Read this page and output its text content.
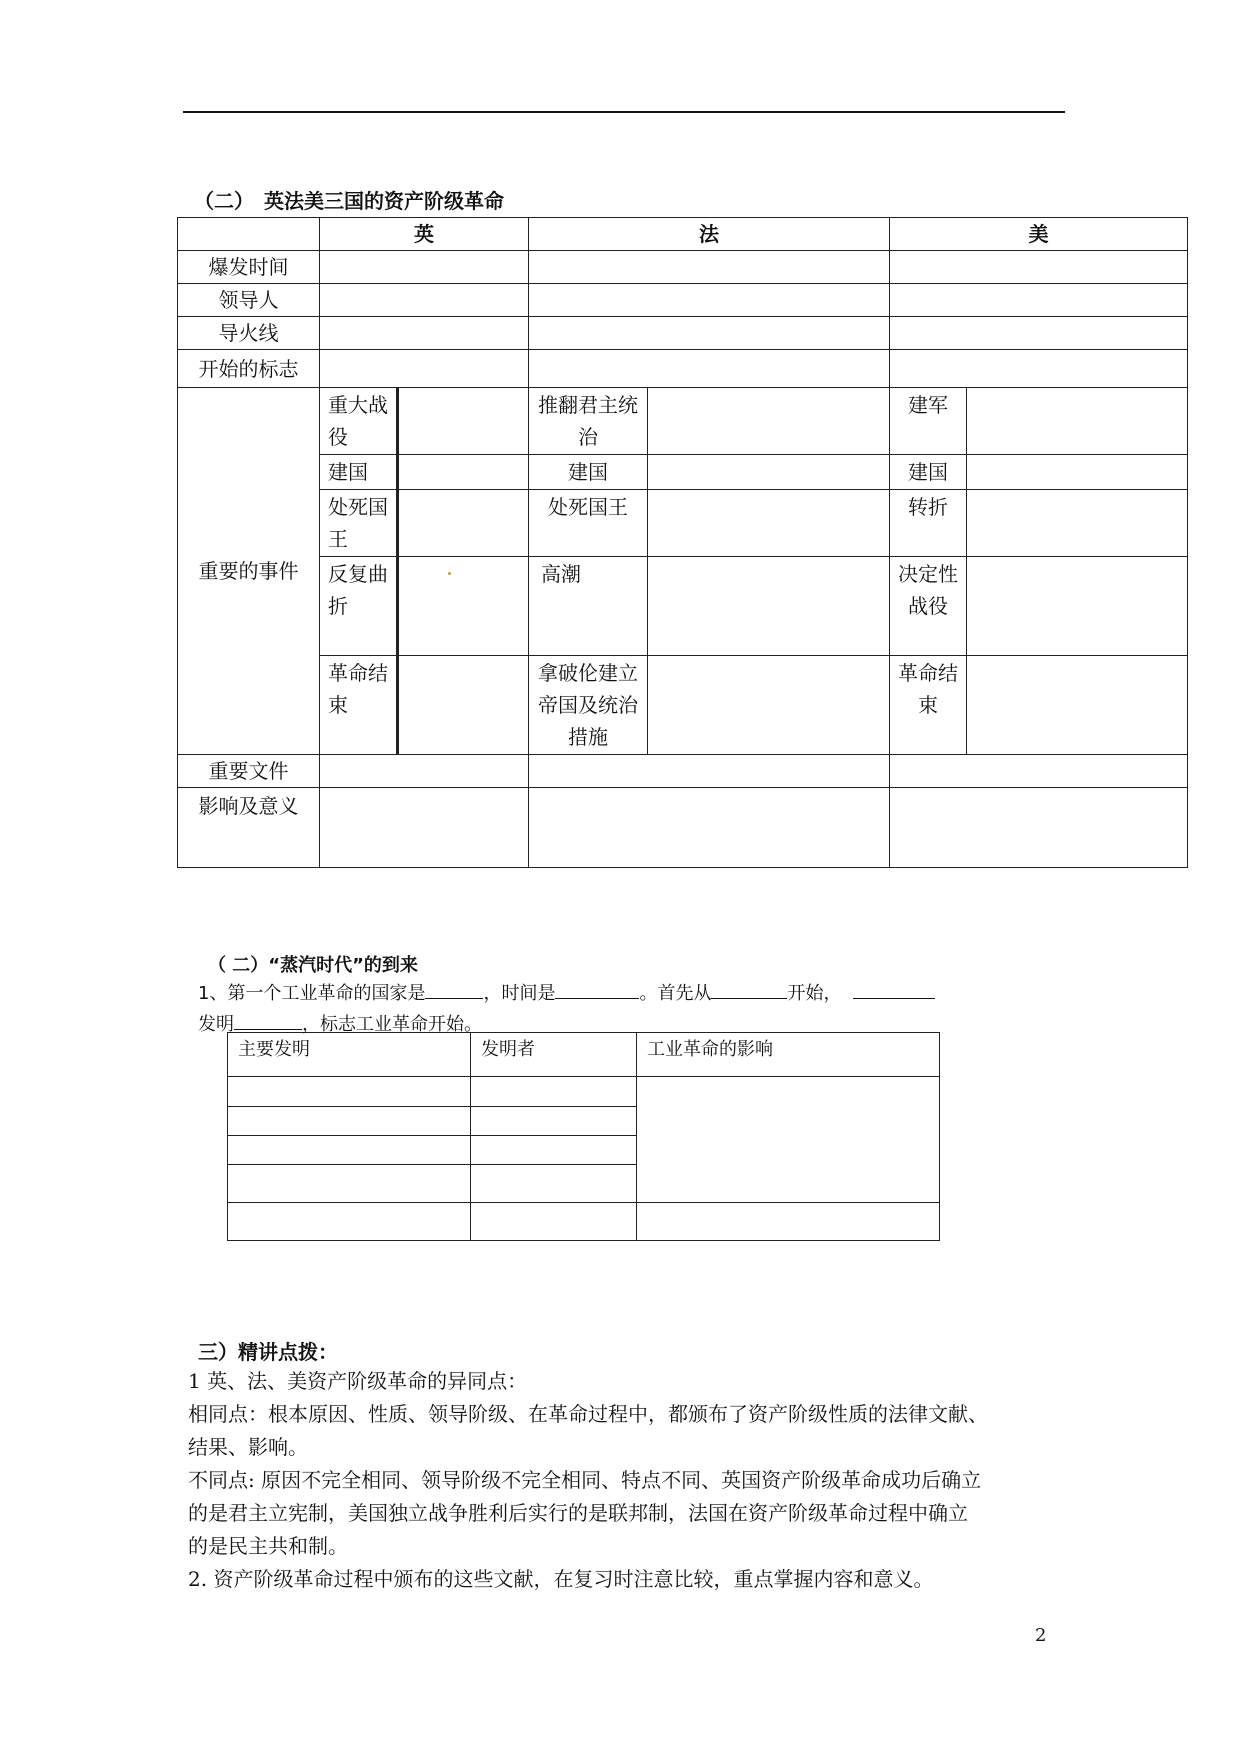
（二）　英法美三国的资产阶级革命
	英		法		美	
爆发时间						
领导人						
导火线						
开始的标志						
重要的事件	重大战役		推翻君主统治		建军	
	建国		建国		建国	
	处死国王		处死国王		转折	
	反复曲折		高潮		决定性战役	
	革命结束		拿破伦建立帝国及统治措施		革命结束	
重要文件						
影响及意义						
（ 二）“蒸汽时代”的到来
1、第一个工业革命的国家是	，时间是	。首先从	开始，
发明	，标志工业革命开始。
主要发明	发明者	工业革命的影响

三）精讲点拨：
1 英、法、美资产阶级革命的异同点：
相同点：根本原因、性质、领导阶级、在革命过程中，都颁布了资产阶级性质的法律文献、
结果、影响。
不同点: 原因不完全相同、领导阶级不完全相同、特点不同、英国资产阶级革命成功后确立
的是君主立宪制，美国独立战争胜利后实行的是联邦制，法国在资产阶级革命过程中确立
的是民主共和制。
2. 资产阶级革命过程中颁布的这些文献，在复习时注意比较，重点掌握内容和意义。
2
